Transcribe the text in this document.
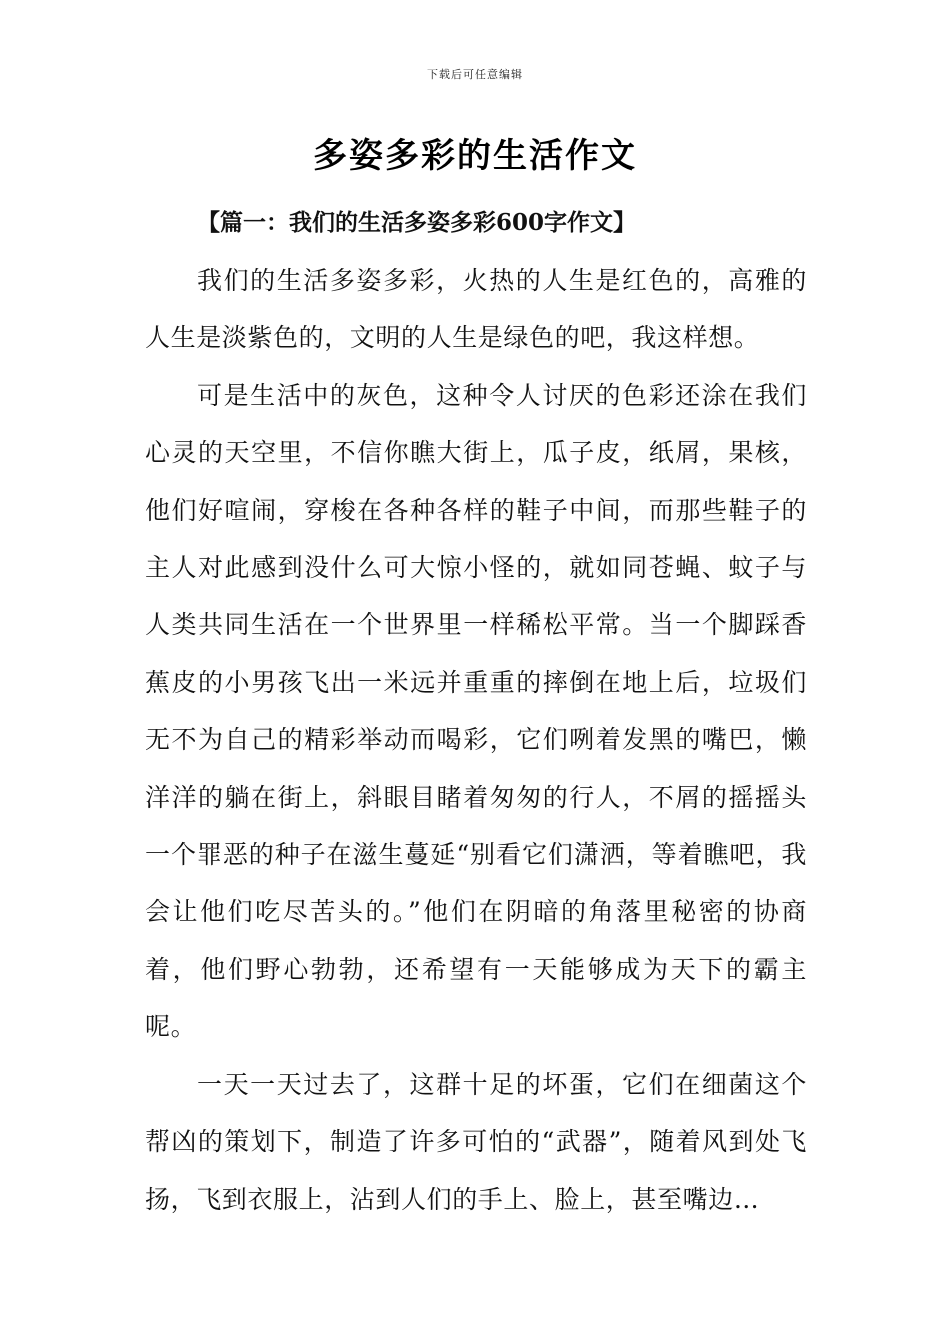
下载后可任意编辑
多姿多彩的生活作文
【篇一：我们的生活多姿多彩600字作文】

我们的生活多姿多彩，火热的人生是红色的，高雅的人生是淡紫色的，文明的人生是绿色的吧，我这样想。

可是生活中的灰色，这种令人讨厌的色彩还涂在我们心灵的天空里，不信你瞧大街上，瓜子皮，纸屑，果核，他们好喧闹，穿梭在各种各样的鞋子中间，而那些鞋子的主人对此感到没什么可大惊小怪的，就如同苍蝇、蚊子与人类共同生活在一个世界里一样稀松平常。当一个脚踩香蕉皮的小男孩飞出一米远并重重的摔倒在地上后，垃圾们无不为自己的精彩举动而喝彩，它们咧着发黑的嘴巴，懒洋洋的躺在街上，斜眼目睹着匆匆的行人，不屑的摇摇头一个罪恶的种子在滋生蔓延“别看它们潇洒，等着瞧吧，我会让他们吃尽苦头的。”他们在阴暗的角落里秘密的协商着，他们野心勃勃，还希望有一天能够成为天下的霸主呢。

一天一天过去了，这群十足的坏蛋，它们在细菌这个帮凶的策划下，制造了许多可怕的“武器”，随着风到处飞扬，飞到衣服上，沾到人们的手上、脸上，甚至嘴边…
